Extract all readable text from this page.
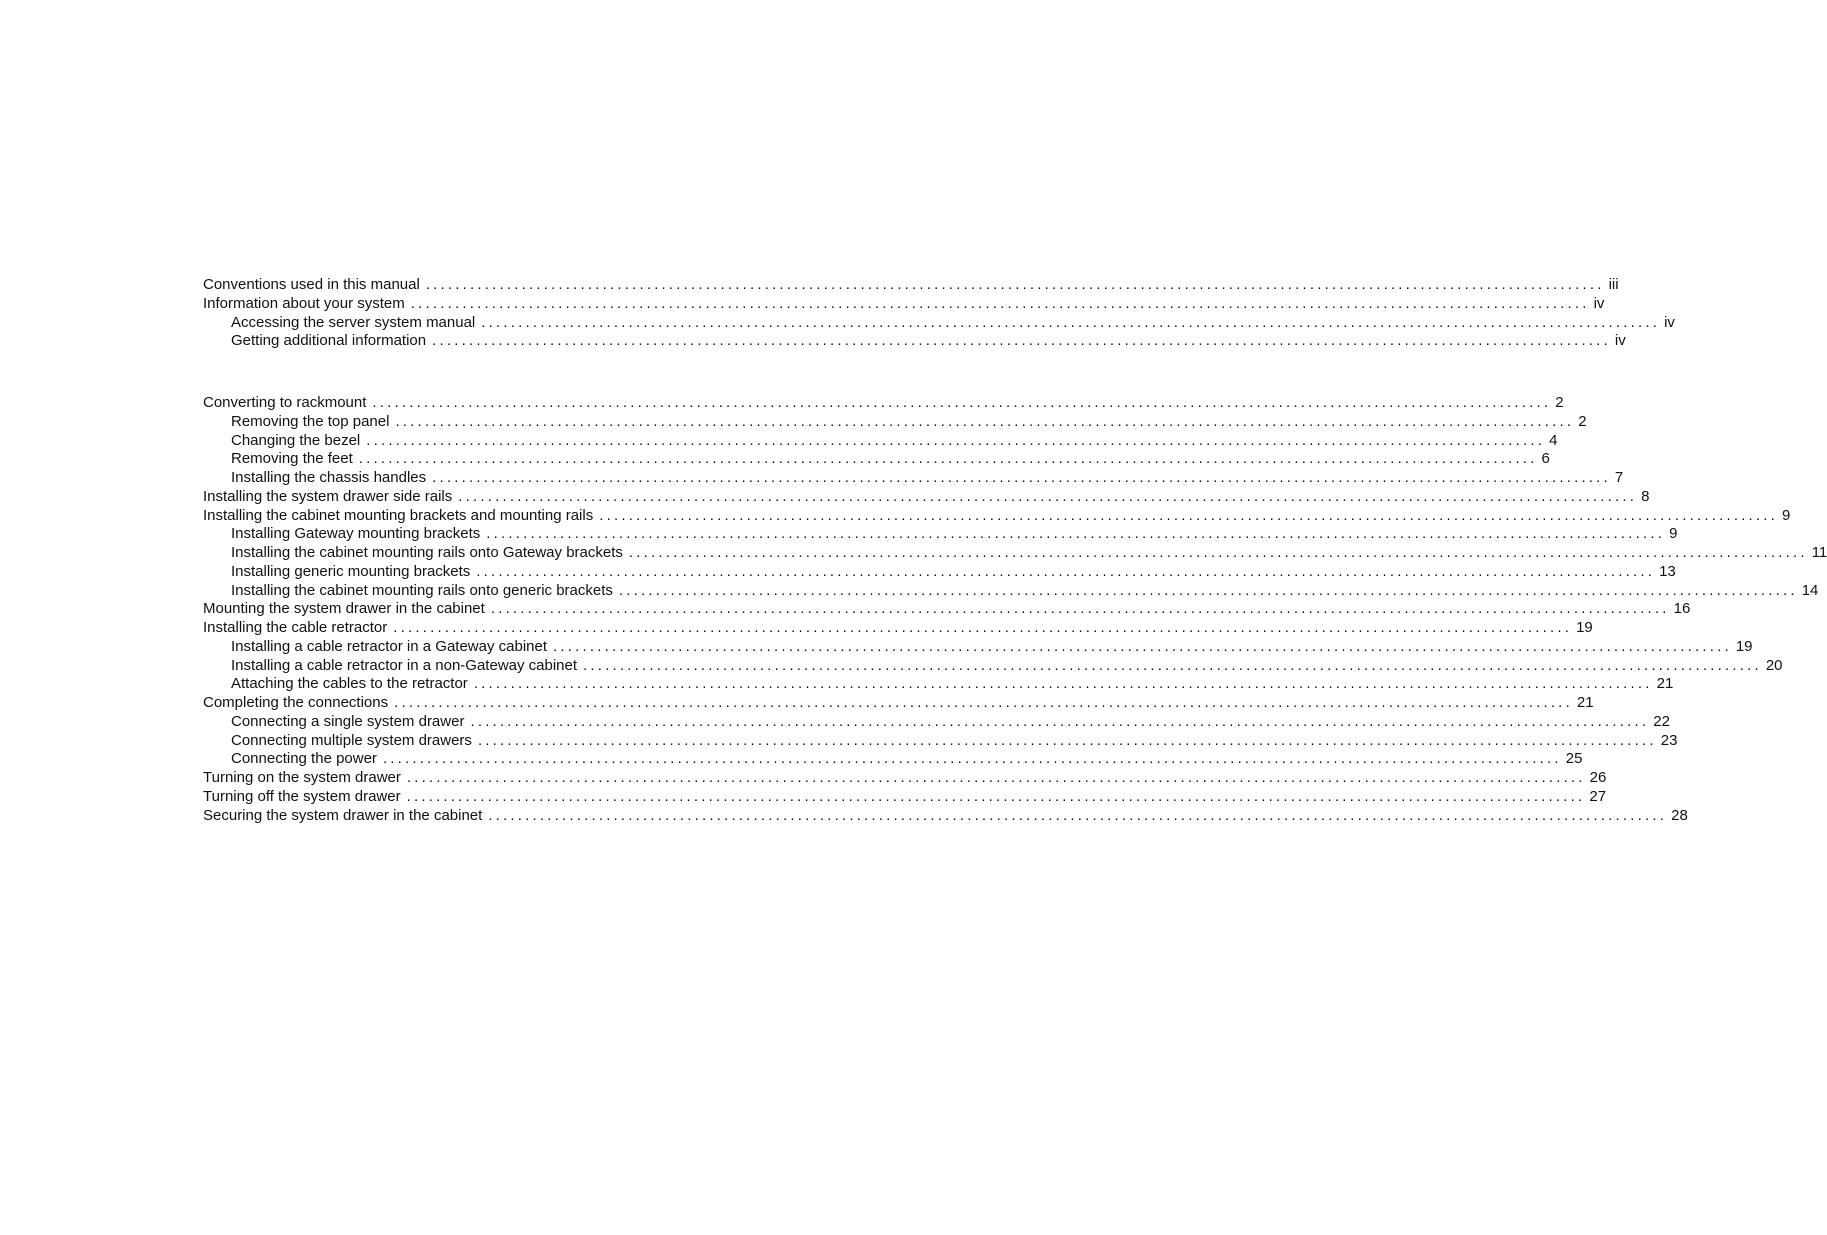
Conventions used in this manual ................................................................................................................................................................ iii
Information about your system ................................................................................................................................................................ iv
Accessing the server system manual ................................................................................................................................................................ iv
Getting additional information ................................................................................................................................................................ iv
Converting to rackmount ................................................................................................................................................................ 2
Removing the top panel ................................................................................................................................................................ 2
Changing the bezel ................................................................................................................................................................ 4
Removing the feet ................................................................................................................................................................ 6
Installing the chassis handles ................................................................................................................................................................ 7
Installing the system drawer side rails ................................................................................................................................................................ 8
Installing the cabinet mounting brackets and mounting rails ................................................................................................................................................................ 9
Installing Gateway mounting brackets ................................................................................................................................................................ 9
Installing the cabinet mounting rails onto Gateway brackets ................................................................................................................................................................ 11
Installing generic mounting brackets ................................................................................................................................................................ 13
Installing the cabinet mounting rails onto generic brackets ................................................................................................................................................................ 14
Mounting the system drawer in the cabinet ................................................................................................................................................................ 16
Installing the cable retractor ................................................................................................................................................................ 19
Installing a cable retractor in a Gateway cabinet ................................................................................................................................................................ 19
Installing a cable retractor in a non-Gateway cabinet ................................................................................................................................................................ 20
Attaching the cables to the retractor ................................................................................................................................................................ 21
Completing the connections ................................................................................................................................................................ 21
Connecting a single system drawer ................................................................................................................................................................ 22
Connecting multiple system drawers ................................................................................................................................................................ 23
Connecting the power ................................................................................................................................................................ 25
Turning on the system drawer ................................................................................................................................................................ 26
Turning off the system drawer ................................................................................................................................................................ 27
Securing the system drawer in the cabinet ................................................................................................................................................................ 28
